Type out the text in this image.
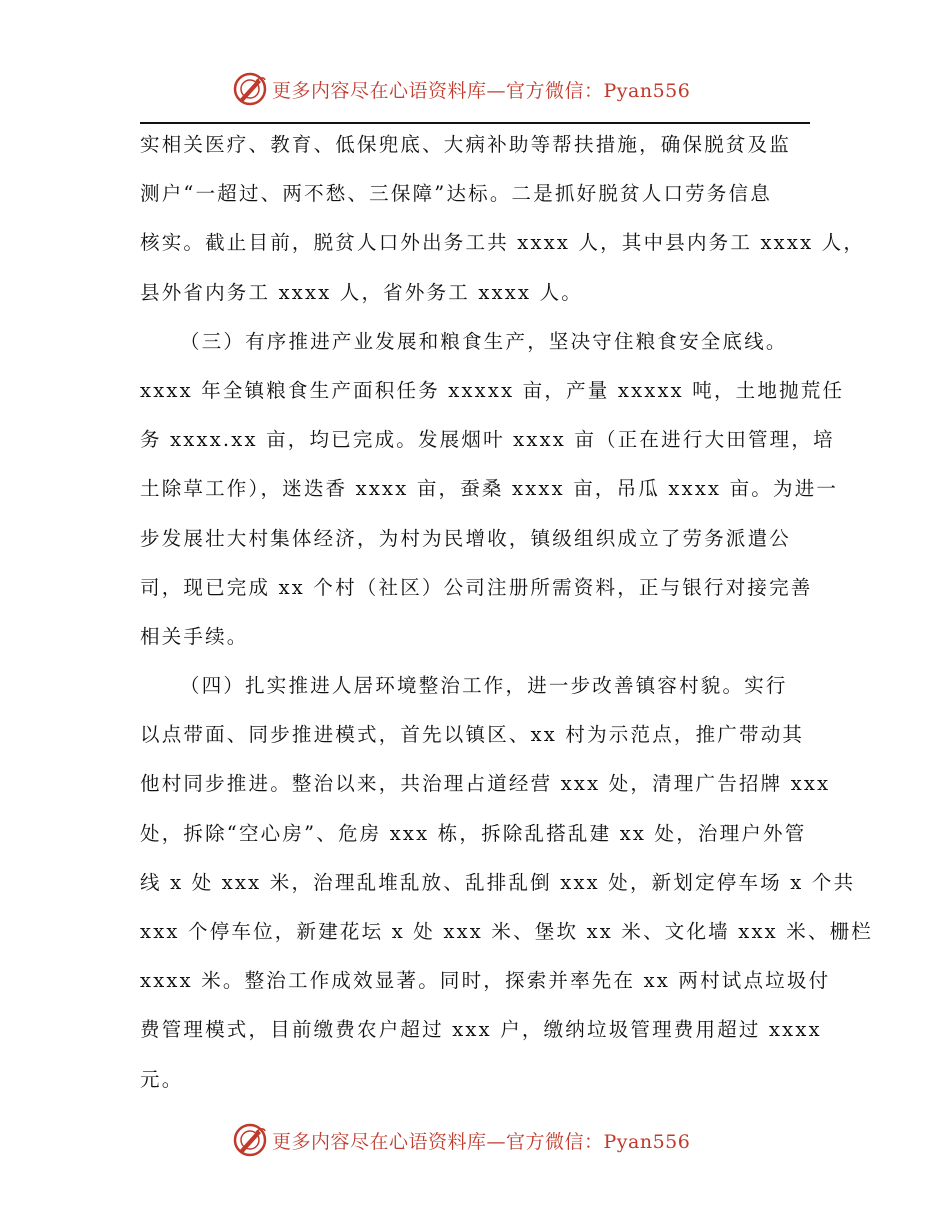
更多内容尽在心语资料库—官方微信：Pyan556
实相关医疗、教育、低保兜底、大病补助等帮扶措施，确保脱贫及监
测户“一超过、两不愁、三保障”达标。二是抓好脱贫人口劳务信息
核实。截止目前，脱贫人口外出务工共 xxxx 人，其中县内务工 xxxx 人，
县外省内务工 xxxx 人，省外务工 xxxx 人。
（三）有序推进产业发展和粮食生产，坚决守住粮食安全底线。
xxxx 年全镇粮食生产面积任务 xxxxx 亩，产量 xxxxx 吨，土地抛荒任
务 xxxx.xx 亩，均已完成。发展烟叶 xxxx 亩（正在进行大田管理，培
土除草工作），迷迭香 xxxx 亩，蚕桑 xxxx 亩，吊瓜 xxxx 亩。为进一
步发展壮大村集体经济，为村为民增收，镇级组织成立了劳务派遣公
司，现已完成 xx 个村（社区）公司注册所需资料，正与银行对接完善
相关手续。
（四）扎实推进人居环境整治工作，进一步改善镇容村貌。实行
以点带面、同步推进模式，首先以镇区、xx 村为示范点，推广带动其
他村同步推进。整治以来，共治理占道经营 xxx 处，清理广告招牌 xxx
处，拆除“空心房”、危房 xxx 栋，拆除乱搭乱建 xx 处，治理户外管
线 x 处 xxx 米，治理乱堆乱放、乱排乱倒 xxx 处，新划定停车场 x 个共
xxx 个停车位，新建花坛 x 处 xxx 米、堡坎 xx 米、文化墙 xxx 米、栅栏
xxxx 米。整治工作成效显著。同时，探索并率先在 xx 两村试点垃圾付
费管理模式，目前缴费农户超过 xxx 户，缴纳垃圾管理费用超过 xxxx
元。
更多内容尽在心语资料库—官方微信：Pyan556
